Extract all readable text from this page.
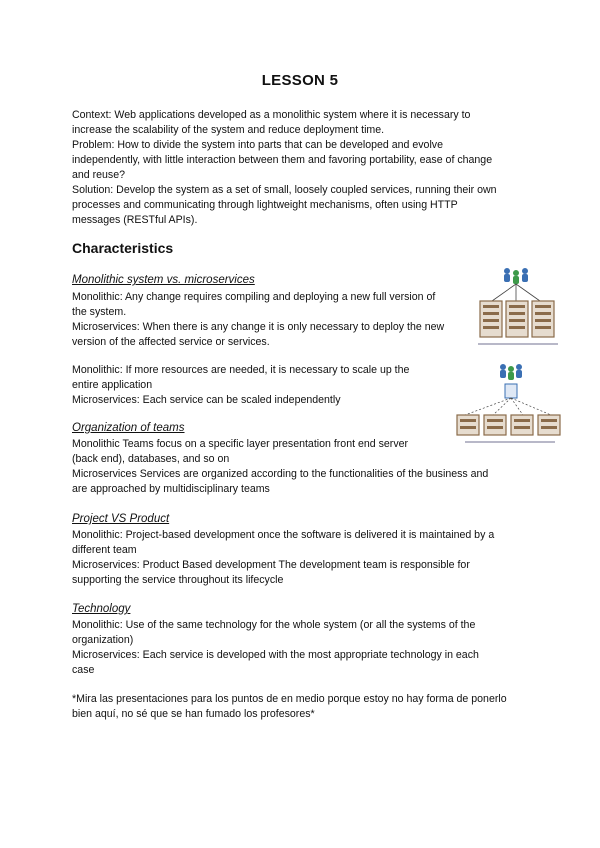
LESSON 5
Context: Web applications developed as a monolithic system where it is necessary to
increase the scalability of the system and reduce deployment time.
Problem: How to divide the system into parts that can be developed and evolve
independently, with little interaction between them and favoring portability, ease of change
and reuse?
Solution: Develop the system as a set of small, loosely coupled services, running their own
processes and communicating through lightweight mechanisms, often using HTTP
messages (RESTful APIs).
Characteristics
Monolithic system vs. microservices
Monolithic: Any change requires compiling and deploying a new full version of
the system.
Microservices: When there is any change it is only necessary to deploy the new
version of the affected service or services.
Monolithic: If more resources are needed, it is necessary to scale up the
entire application
Microservices: Each service can be scaled independently
Organization of teams
Monolithic Teams focus on a specific layer presentation front end server
(back end), databases, and so on
Microservices Services are organized according to the functionalities of the business and
are approached by multidisciplinary teams
Project VS Product
Monolithic: Project-based development once the software is delivered it is maintained by a
different team
Microservices: Product Based development The development team is responsible for
supporting the service throughout its lifecycle
Technology
Monolithic: Use of the same technology for the whole system (or all the systems of the
organization)
Microservices: Each service is developed with the most appropriate technology in each
case
*Mira las presentaciones para los puntos de en medio porque estoy no hay forma de ponerlo
bien aquí, no sé que se han fumado los profesores*
